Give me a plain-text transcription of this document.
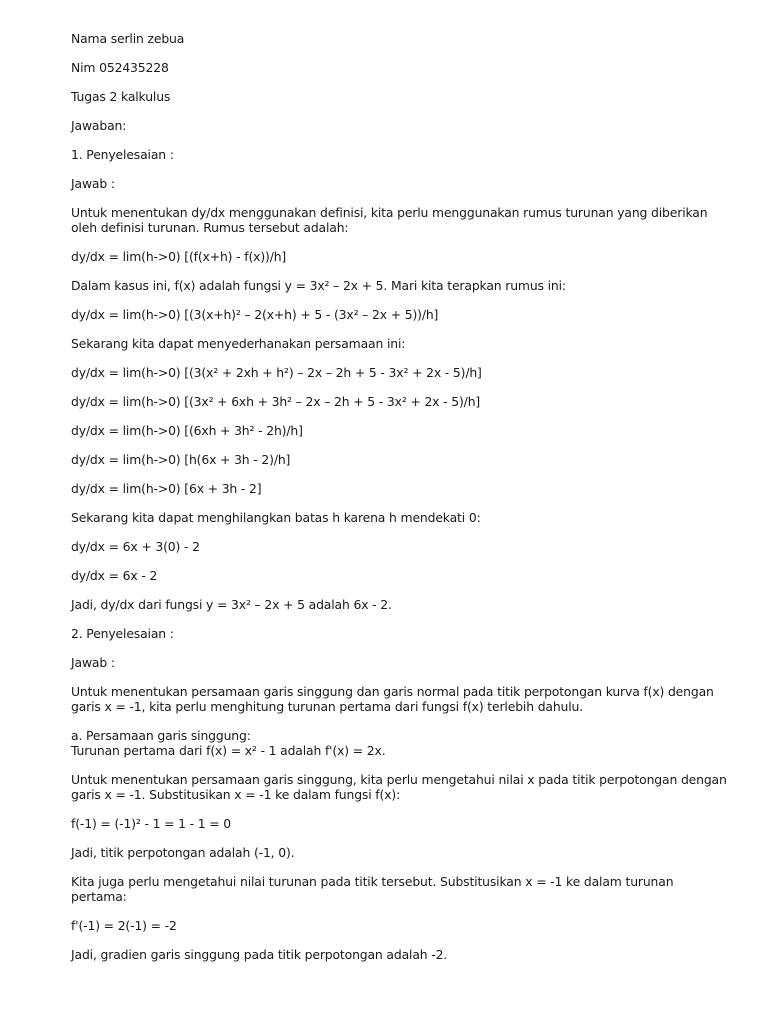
Nama serlin zebua

Nim 052435228

Tugas 2 kalkulus

Jawaban:

1. Penyelesaian :

Jawab :

Untuk menentukan dy/dx menggunakan definisi, kita perlu menggunakan rumus turunan yang diberikan oleh definisi turunan. Rumus tersebut adalah:

dy/dx = lim(h->0) [(f(x+h) - f(x))/h]

Dalam kasus ini, f(x) adalah fungsi y = 3x² – 2x + 5. Mari kita terapkan rumus ini:

dy/dx = lim(h->0) [(3(x+h)² – 2(x+h) + 5 - (3x² – 2x + 5))/h]

Sekarang kita dapat menyederhanakan persamaan ini:

dy/dx = lim(h->0) [(3(x² + 2xh + h²) – 2x – 2h + 5 - 3x² + 2x - 5)/h]

dy/dx = lim(h->0) [(3x² + 6xh + 3h² – 2x – 2h + 5 - 3x² + 2x - 5)/h]

dy/dx = lim(h->0) [(6xh + 3h² - 2h)/h]

dy/dx = lim(h->0) [h(6x + 3h - 2)/h]

dy/dx = lim(h->0) [6x + 3h - 2]

Sekarang kita dapat menghilangkan batas h karena h mendekati 0:

dy/dx = 6x + 3(0) - 2

dy/dx = 6x - 2

Jadi, dy/dx dari fungsi y = 3x² – 2x + 5 adalah 6x - 2.

2. Penyelesaian :

Jawab :

Untuk menentukan persamaan garis singgung dan garis normal pada titik perpotongan kurva f(x) dengan garis x = -1, kita perlu menghitung turunan pertama dari fungsi f(x) terlebih dahulu.

a. Persamaan garis singgung:

Turunan pertama dari f(x) = x² - 1 adalah f'(x) = 2x.

Untuk menentukan persamaan garis singgung, kita perlu mengetahui nilai x pada titik perpotongan dengan garis x = -1. Substitusikan x = -1 ke dalam fungsi f(x):

f(-1) = (-1)² - 1 = 1 - 1 = 0

Jadi, titik perpotongan adalah (-1, 0).

Kita juga perlu mengetahui nilai turunan pada titik tersebut. Substitusikan x = -1 ke dalam turunan pertama:

f'(-1) = 2(-1) = -2

Jadi, gradien garis singgung pada titik perpotongan adalah -2.
